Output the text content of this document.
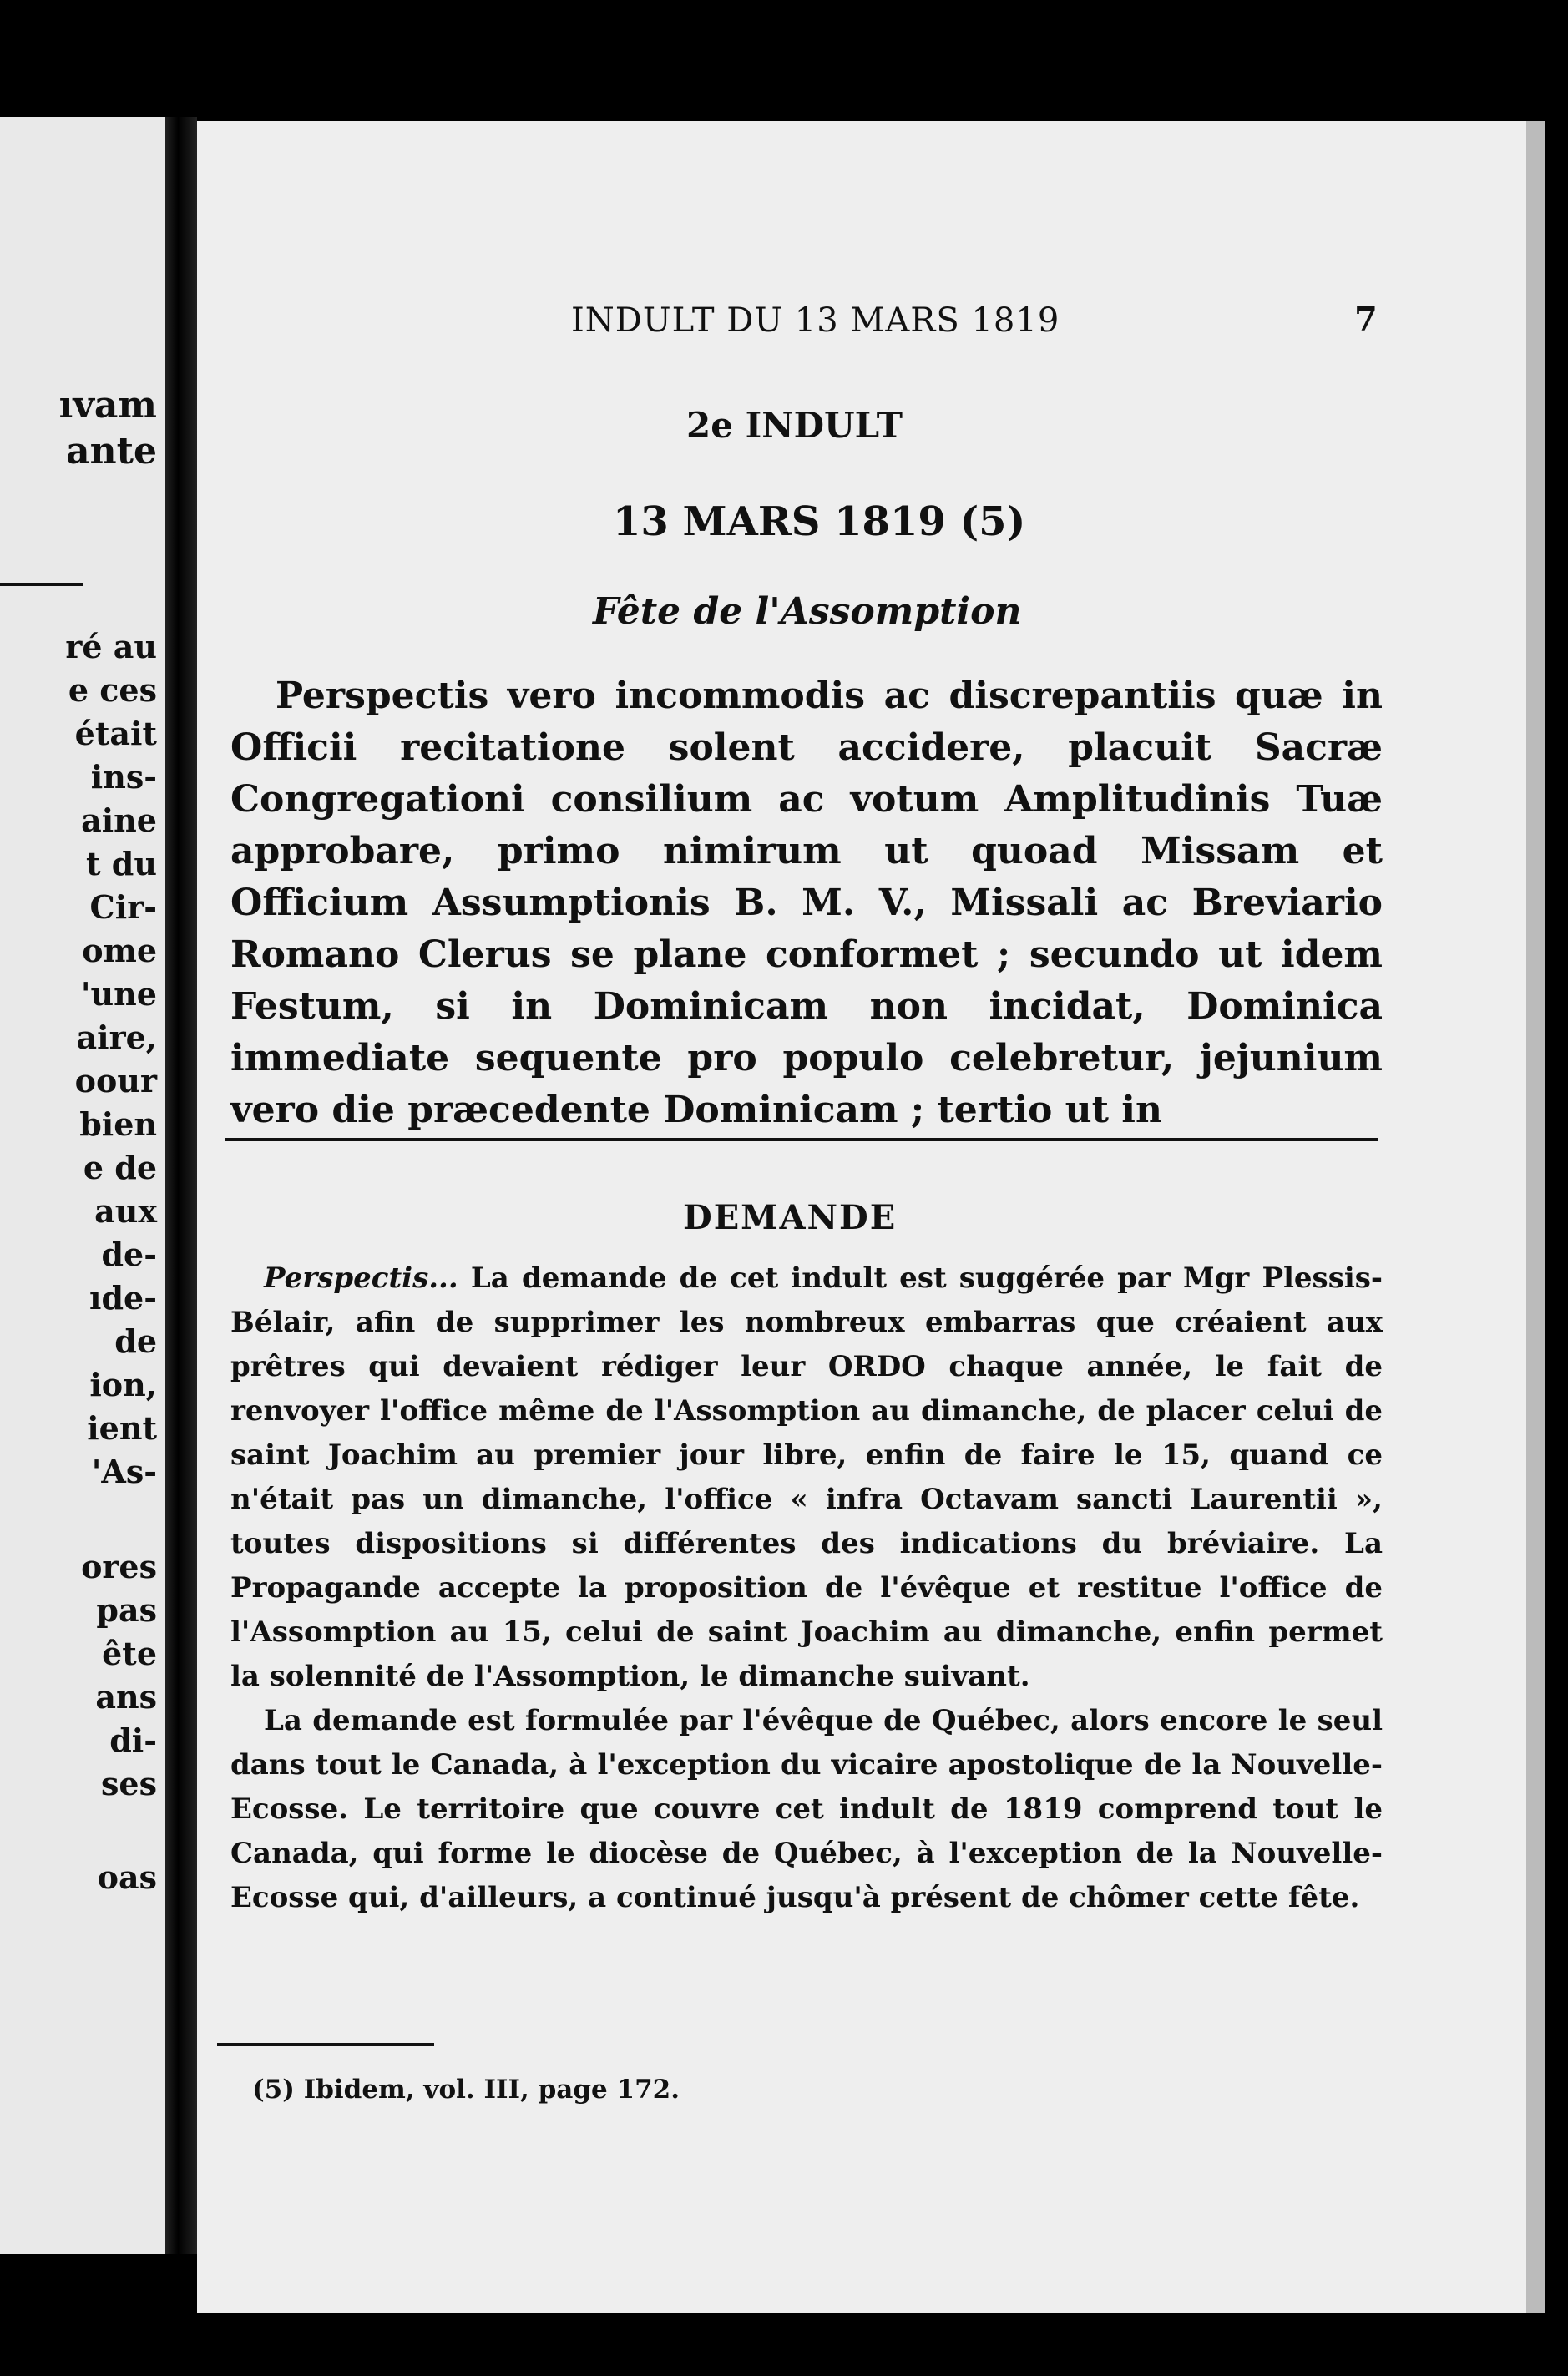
ıvam
ante
ré au
e ces
était
ins-
aine
t du
Cir-
ome
'une
aire,
oour
bien
e de
aux
de-
ıde-
de
ion,
ient
'As-
ores
pas
ête
ans
di-
ses
oas
INDULT DU 13 MARS 1819	7
2e INDULT
13 MARS 1819 (5)
Fête de l'Assomption
Perspectis vero incommodis ac discrepantiis quæ in Officii recitatione solent accidere, placuit Sacræ Congregationi consilium ac votum Amplitudinis Tuæ approbare, primo nimirum ut quoad Missam et Officium Assumptionis B. M. V., Missali ac Breviario Romano Clerus se plane conformet ; secundo ut idem Festum, si in Dominicam non incidat, Dominica immediate sequente pro populo celebretur, jejunium vero die præcedente Dominicam ; tertio ut in
DEMANDE

Perspectis... La demande de cet indult est suggérée par Mgr Plessis-Bélair, afin de supprimer les nombreux embarras que créaient aux prêtres qui devaient rédiger leur ORDO chaque année, le fait de renvoyer l'office même de l'Assomption au dimanche, de placer celui de saint Joachim au premier jour libre, enfin de faire le 15, quand ce n'était pas un dimanche, l'office « infra Octavam sancti Laurentii », toutes dispositions si différentes des indications du bréviaire. La Propagande accepte la proposition de l'évêque et restitue l'office de l'Assomption au 15, celui de saint Joachim au dimanche, enfin permet la solennité de l'Assomption, le dimanche suivant.

La demande est formulée par l'évêque de Québec, alors encore le seul dans tout le Canada, à l'exception du vicaire apostolique de la Nouvelle-Ecosse. Le territoire que couvre cet indult de 1819 comprend tout le Canada, qui forme le diocèse de Québec, à l'exception de la Nouvelle-Ecosse qui, d'ailleurs, a continué jusqu'à présent de chômer cette fête.

(5) Ibidem, vol. III, page 172.
